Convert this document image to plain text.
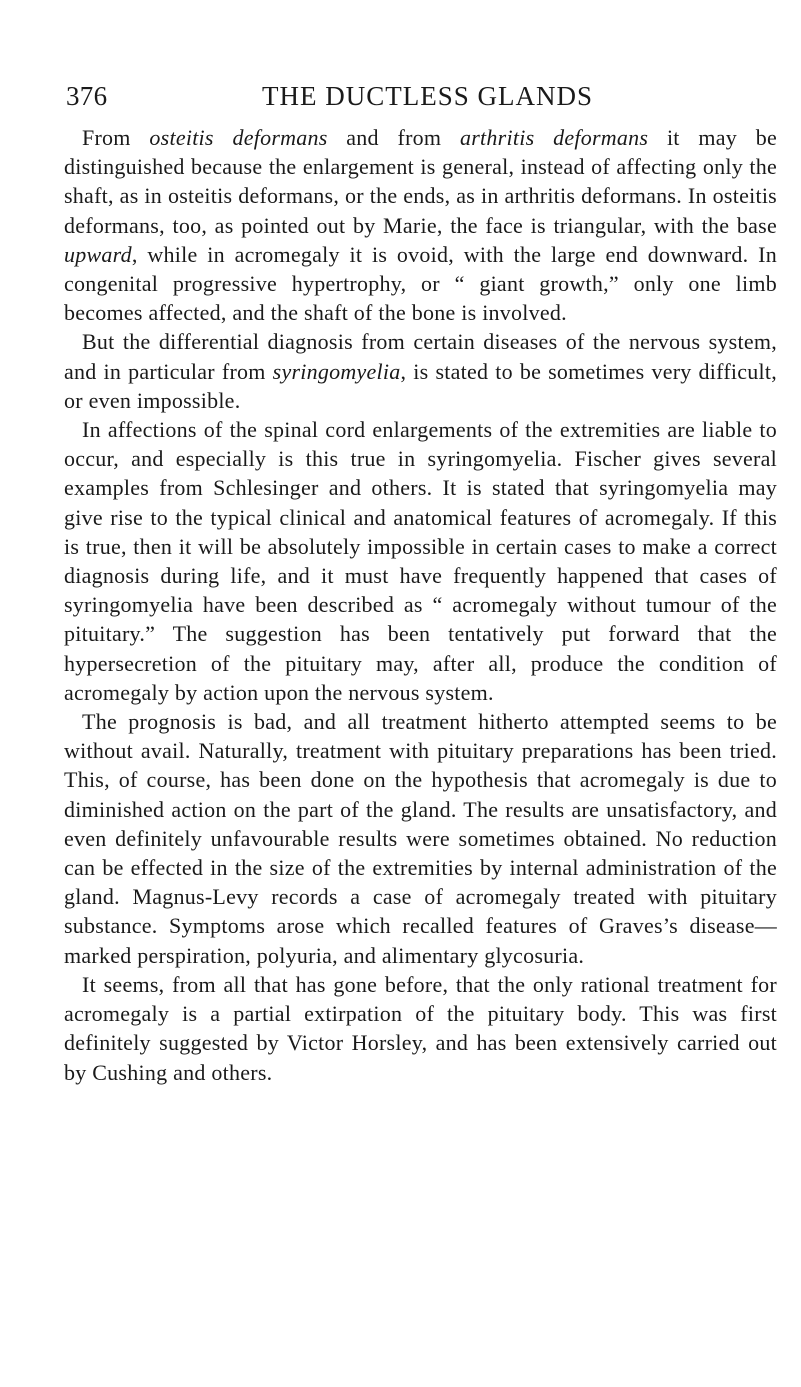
376	THE DUCTLESS GLANDS

From osteitis deformans and from arthritis deformans it may be distinguished because the enlargement is general, instead of affecting only the shaft, as in osteitis deformans, or the ends, as in arthritis deformans. In osteitis deformans, too, as pointed out by Marie, the face is triangular, with the base upward, while in acromegaly it is ovoid, with the large end downward. In congenital progressive hypertrophy, or “ giant growth,” only one limb becomes affected, and the shaft of the bone is involved.

But the differential diagnosis from certain diseases of the nervous system, and in particular from syringomyelia, is stated to be sometimes very difficult, or even impossible.

In affections of the spinal cord enlargements of the extremities are liable to occur, and especially is this true in syringomyelia. Fischer gives several examples from Schlesinger and others. It is stated that syringomyelia may give rise to the typical clinical and anatomical features of acromegaly. If this is true, then it will be absolutely impossible in certain cases to make a correct diagnosis during life, and it must have frequently happened that cases of syringomyelia have been described as “ acromegaly without tumour of the pituitary.” The suggestion has been tentatively put forward that the hypersecretion of the pituitary may, after all, produce the condition of acromegaly by action upon the nervous system.

The prognosis is bad, and all treatment hitherto attempted seems to be without avail. Naturally, treatment with pituitary preparations has been tried. This, of course, has been done on the hypothesis that acromegaly is due to diminished action on the part of the gland. The results are unsatisfactory, and even definitely unfavourable results were sometimes obtained. No reduction can be effected in the size of the extremities by internal administration of the gland. Magnus-Levy records a case of acromegaly treated with pituitary substance. Symptoms arose which recalled features of Graves’s disease—marked perspiration, polyuria, and alimentary glycosuria.

It seems, from all that has gone before, that the only rational treatment for acromegaly is a partial extirpation of the pituitary body. This was first definitely suggested by Victor Horsley, and has been extensively carried out by Cushing and others.
